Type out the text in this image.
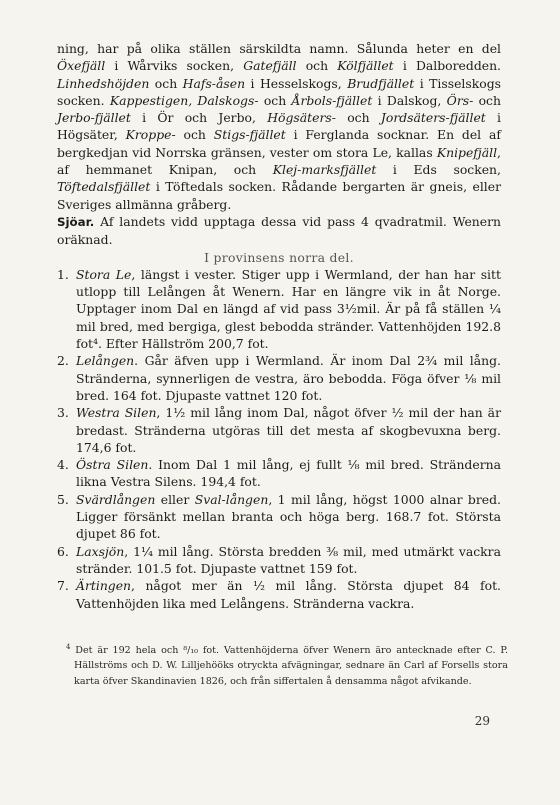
ning, har på olika ställen särskildta namn. Sålunda heter en del Öxefjäll i Wårviks socken, Gatefjäll och Kölfjället i Dalboredden. Linhedshöjden och Hafs-åsen i Hesselskogs, Brudfjället i Tisselskogs socken. Kappestigen, Dalskogs- och Årbols-fjället i Dalskog, Örs- och Jerbo-fjället i Ör och Jerbo, Högsäters- och Jordsäters-fjället i Högsäter, Kroppe- och Stigs-fjället i Ferglanda socknar. En del af bergkedjan vid Norrska gränsen, vester om stora Le, kallas Knipefjäll, af hemmanet Knipan, och Klej-marksfjället i Eds socken, Töftedalsfjället i Töftedals socken. Rådande bergarten är gneis, eller Sveriges allmänna gråberg.

Sjöar. Af landets vidd upptaga dessa vid pass 4 qvadratmil. Wenern oräknad.

I provinsens norra del.

1. Stora Le, längst i vester. Stiger upp i Wermland, der han har sitt utlopp till Lelången åt Wenern. Har en längre vik in åt Norge. Upptager inom Dal en längd af vid pass 3½mil. Är på få ställen ¼ mil bred, med bergiga, glest bebodda stränder. Vattenhöjden 192.8 fot⁴. Efter Hällström 200,7 fot.
2. Lelången. Går äfven upp i Wermland. Är inom Dal 2¾ mil lång. Stränderna, synnerligen de vestra, äro bebodda. Föga öfver ⅛ mil bred. 164 fot. Djupaste vattnet 120 fot.
3. Westra Silen, 1½ mil lång inom Dal, något öfver ½ mil der han är bredast. Stränderna utgöras till det mesta af skogbevuxna berg. 174,6 fot.
4. Östra Silen. Inom Dal 1 mil lång, ej fullt ⅛ mil bred. Stränderna likna Vestra Silens. 194,4 fot.
5. Svärdlången eller Sval-lången, 1 mil lång, högst 1000 alnar bred. Ligger försänkt mellan branta och höga berg. 168.7 fot. Största djupet 86 fot.
6. Laxsjön, 1¼ mil lång. Största bredden ⅜ mil, med utmärkt vackra stränder. 101.5 fot. Djupaste vattnet 159 fot.
7. Ärtingen, något mer än ½ mil lång. Största djupet 84 fot. Vattenhöjden lika med Lelångens. Stränderna vackra.

$^4$ Det är 192 hela och ⁸/₁₀ fot. Vattenhöjderna öfver Wenern äro antecknade efter C. P. Hällströms och D. W. Lilljehööks otryckta afvägningar, sednare än Carl af Forsells stora karta öfver Skandinavien 1826, och från siffertalen å densamma något afvikande.

29
